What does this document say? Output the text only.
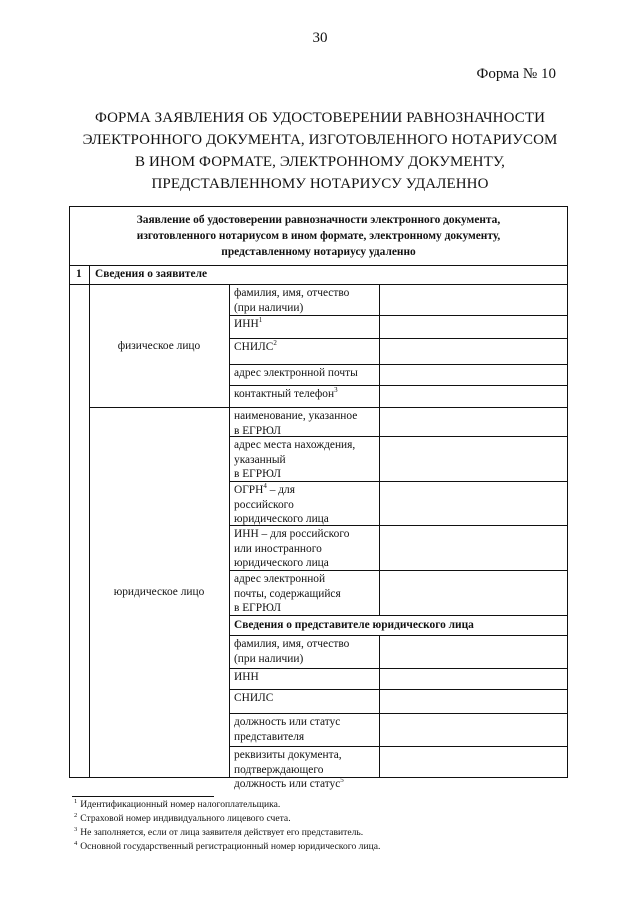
30
Форма № 10
ФОРМА ЗАЯВЛЕНИЯ ОБ УДОСТОВЕРЕНИИ РАВНОЗНАЧНОСТИ
ЭЛЕКТРОННОГО ДОКУМЕНТА, ИЗГОТОВЛЕННОГО НОТАРИУСОМ
В ИНОМ ФОРМАТЕ, ЭЛЕКТРОННОМУ ДОКУМЕНТУ,
ПРЕДСТАВЛЕННОМУ НОТАРИУСУ УДАЛЕННО
Заявление об удостоверении равнозначности электронного документа,
изготовленного нотариусом в ином формате, электронному документу,
представленному нотариусу удаленно
1	Сведения о заявителе
фамилия, имя, отчество
(при наличии)
ИНН$^1$
СНИЛС$^2$
адрес электронной почты
контактный телефон$^3$
физическое лицо
наименование, указанное
в ЕГРЮЛ
адрес места нахождения,
указанный
в ЕГРЮЛ
ОГРН$^4$ – для
российского
юридического лица
ИНН – для российского
или иностранного
юридического лица
адрес электронной
почты, содержащийся
в ЕГРЮЛ
Сведения о представителе юридического лица
фамилия, имя, отчество
(при наличии)
ИНН
СНИЛС
должность или статус
представителя
реквизиты документа,
подтверждающего
должность или статус$^5$
юридическое лицо
$^1$ Идентификационный номер налогоплательщика.
$^2$ Страховой номер индивидуального лицевого счета.
$^3$ Не заполняется, если от лица заявителя действует его представитель.
$^4$ Основной государственный регистрационный номер юридического лица.
